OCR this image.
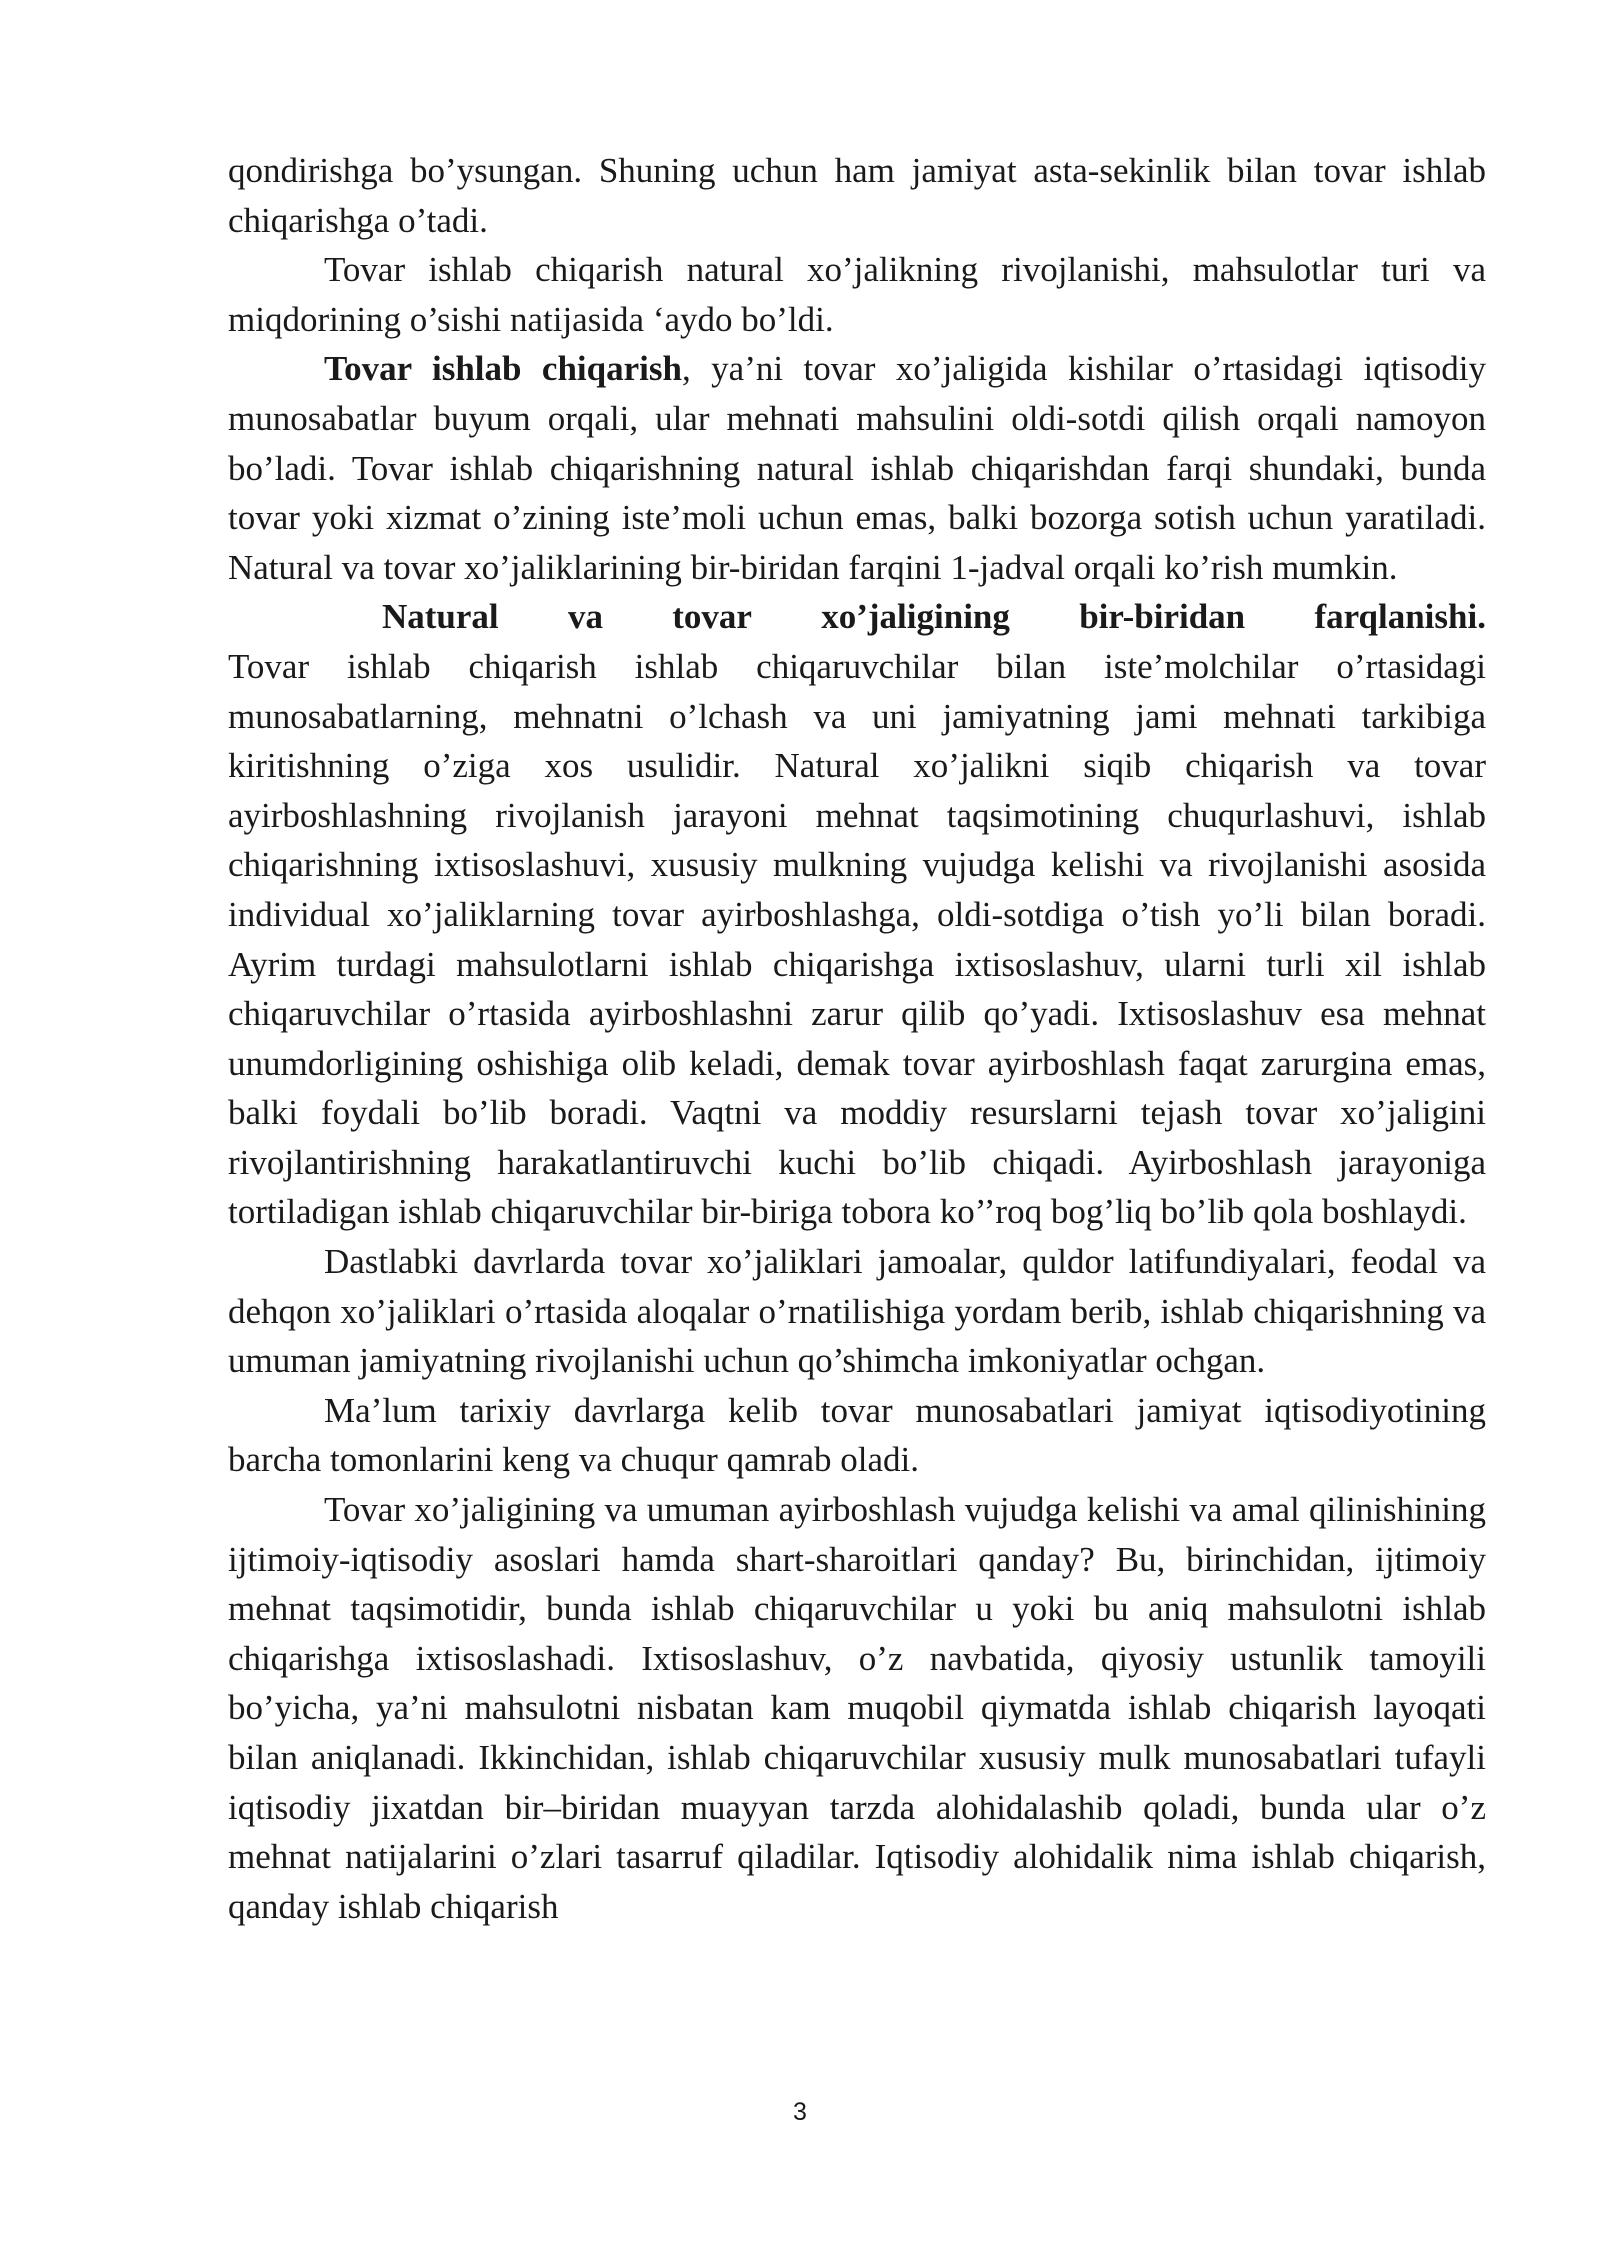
qondirishga bo’ysungan. Shuning uchun ham jamiyat asta-sekinlik bilan tovar ishlab chiqarishga o’tadi.

Tovar ishlab chiqarish natural xo’jalikning rivojlanishi, mahsulotlar turi va miqdorining o’sishi natijasida ‘aydo bo’ldi.

Tovar ishlab chiqarish, ya’ni tovar xo’jaligida kishilar o’rtasidagi iqtisodiy munosabatlar buyum orqali, ular mehnati mahsulini oldi-sotdi qilish orqali namoyon bo’ladi. Tovar ishlab chiqarishning natural ishlab chiqarishdan farqi shundaki, bunda tovar yoki xizmat o’zining iste’moli uchun emas, balki bozorga sotish uchun yaratiladi. Natural va tovar xo’jaliklarining bir-biridan farqini 1-jadval orqali ko’rish mumkin.

Natural va tovar xo’jaligining bir-biridan farqlanishi.

Tovar ishlab chiqarish ishlab chiqaruvchilar bilan iste’molchilar o’rtasidagi munosabatlarning, mehnatni o’lchash va uni jamiyatning jami mehnati tarkibiga kiritishning o’ziga xos usulidir. Natural xo’jalikni siqib chiqarish va tovar ayirboshlashning rivojlanish jarayoni mehnat taqsimotining chuqurlashuvi, ishlab chiqarishning ixtisoslashuvi, xususiy mulkning vujudga kelishi va rivojlanishi asosida individual xo’jaliklarning tovar ayirboshlashga, oldi-sotdiga o’tish yo’li bilan boradi. Ayrim turdagi mahsulotlarni ishlab chiqarishga ixtisoslashuv, ularni turli xil ishlab chiqaruvchilar o’rtasida ayirboshlashni zarur qilib qo’yadi. Ixtisoslashuv esa mehnat unumdorligining oshishiga olib keladi, demak tovar ayirboshlash faqat zarurgina emas, balki foydali bo’lib boradi. Vaqtni va moddiy resurslarni tejash tovar xo’jaligini rivojlantirishning harakatlantiruvchi kuchi bo’lib chiqadi. Ayirboshlash jarayoniga tortiladigan ishlab chiqaruvchilar bir-biriga tobora ko’’roq bog’liq bo’lib qola boshlaydi.

Dastlabki davrlarda tovar xo’jaliklari jamoalar, quldor latifundiyalari, feodal va dehqon xo’jaliklari o’rtasida aloqalar o’rnatilishiga yordam berib, ishlab chiqarishning va umuman jamiyatning rivojlanishi uchun qo’shimcha imkoniyatlar ochgan.

Ma’lum tarixiy davrlarga kelib tovar munosabatlari jamiyat iqtisodiyotining barcha tomonlarini keng va chuqur qamrab oladi.

Tovar xo’jaligining va umuman ayirboshlash vujudga kelishi va amal qilinishining ijtimoiy-iqtisodiy asoslari hamda shart-sharoitlari qanday? Bu, birinchidan, ijtimoiy mehnat taqsimotidir, bunda ishlab chiqaruvchilar u yoki bu aniq mahsulotni ishlab chiqarishga ixtisoslashadi. Ixtisoslashuv, o’z navbatida, qiyosiy ustunlik tamoyili bo’yicha, ya’ni mahsulotni nisbatan kam muqobil qiymatda ishlab chiqarish layoqati bilan aniqlanadi. Ikkinchidan, ishlab chiqaruvchilar xususiy mulk munosabatlari tufayli iqtisodiy jixatdan bir–biridan muayyan tarzda alohidalashib qoladi, bunda ular o’z mehnat natijalarini o’zlari tasarruf qiladilar. Iqtisodiy alohidalik nima ishlab chiqarish, qanday ishlab chiqarish

3
